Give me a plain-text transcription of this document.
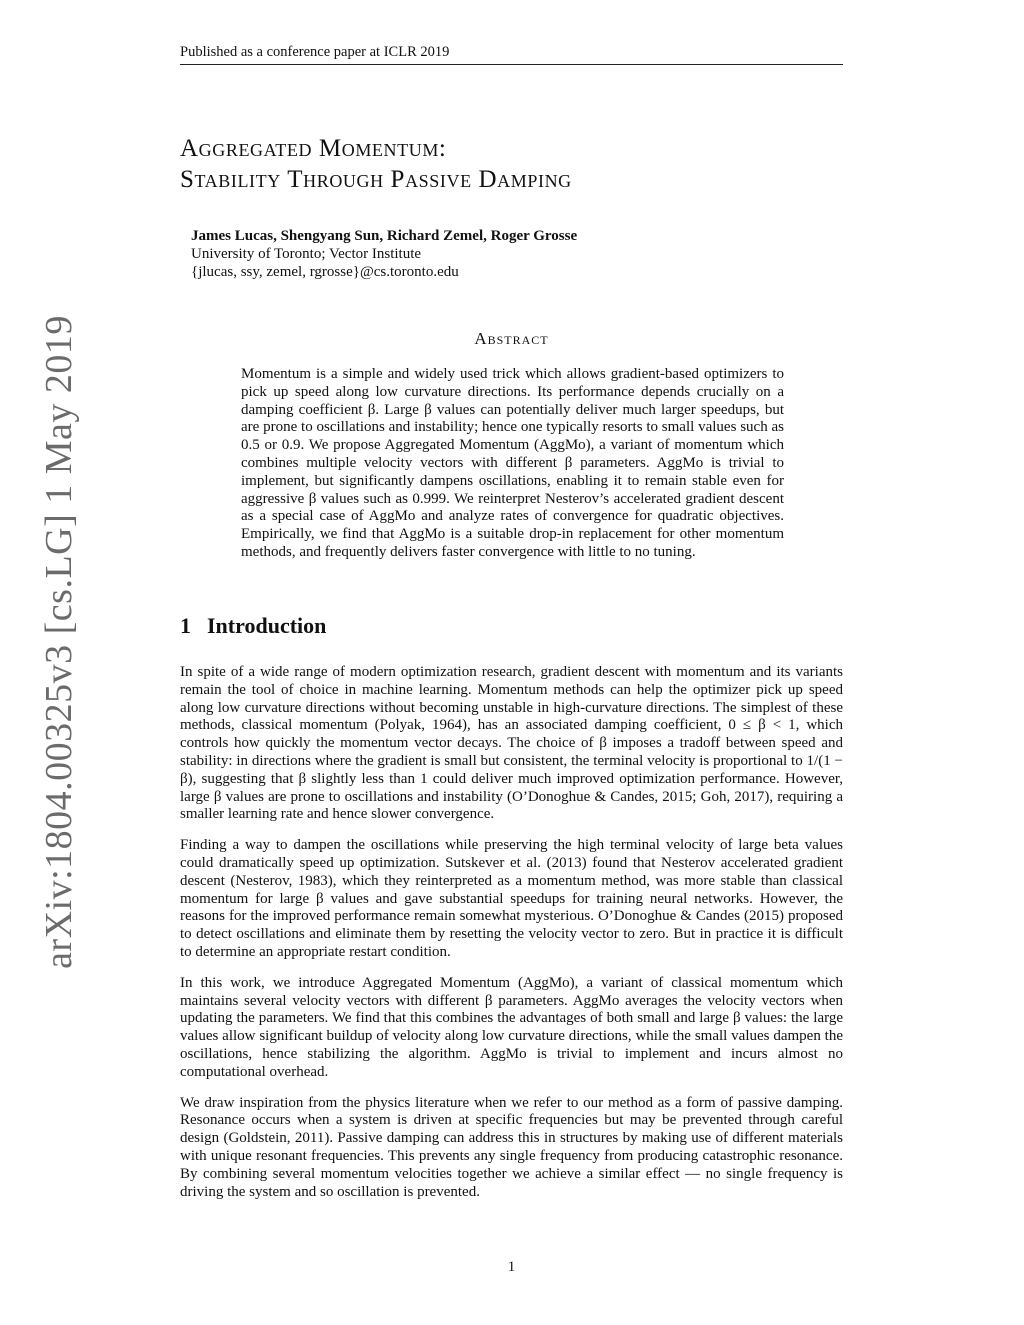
Published as a conference paper at ICLR 2019
arXiv:1804.00325v3 [cs.LG] 1 May 2019
Aggregated Momentum:
Stability Through Passive Damping
James Lucas, Shengyang Sun, Richard Zemel, Roger Grosse
University of Toronto; Vector Institute
{jlucas, ssy, zemel, rgrosse}@cs.toronto.edu
Abstract
Momentum is a simple and widely used trick which allows gradient-based optimizers to pick up speed along low curvature directions. Its performance depends crucially on a damping coefficient β. Large β values can potentially deliver much larger speedups, but are prone to oscillations and instability; hence one typically resorts to small values such as 0.5 or 0.9. We propose Aggregated Momentum (AggMo), a variant of momentum which combines multiple velocity vectors with different β parameters. AggMo is trivial to implement, but significantly dampens oscillations, enabling it to remain stable even for aggressive β values such as 0.999. We reinterpret Nesterov’s accelerated gradient descent as a special case of AggMo and analyze rates of convergence for quadratic objectives. Empirically, we find that AggMo is a suitable drop-in replacement for other momentum methods, and frequently delivers faster convergence with little to no tuning.
1 Introduction

In spite of a wide range of modern optimization research, gradient descent with momentum and its variants remain the tool of choice in machine learning. Momentum methods can help the optimizer pick up speed along low curvature directions without becoming unstable in high-curvature directions. The simplest of these methods, classical momentum (Polyak, 1964), has an associated damping coefficient, 0 ≤ β < 1, which controls how quickly the momentum vector decays. The choice of β imposes a tradoff between speed and stability: in directions where the gradient is small but consistent, the terminal velocity is proportional to 1/(1 − β), suggesting that β slightly less than 1 could deliver much improved optimization performance. However, large β values are prone to oscillations and instability (O’Donoghue & Candes, 2015; Goh, 2017), requiring a smaller learning rate and hence slower convergence.

Finding a way to dampen the oscillations while preserving the high terminal velocity of large beta values could dramatically speed up optimization. Sutskever et al. (2013) found that Nesterov accelerated gradient descent (Nesterov, 1983), which they reinterpreted as a momentum method, was more stable than classical momentum for large β values and gave substantial speedups for training neural networks. However, the reasons for the improved performance remain somewhat mysterious. O’Donoghue & Candes (2015) proposed to detect oscillations and eliminate them by resetting the velocity vector to zero. But in practice it is difficult to determine an appropriate restart condition.

In this work, we introduce Aggregated Momentum (AggMo), a variant of classical momentum which maintains several velocity vectors with different β parameters. AggMo averages the velocity vectors when updating the parameters. We find that this combines the advantages of both small and large β values: the large values allow significant buildup of velocity along low curvature directions, while the small values dampen the oscillations, hence stabilizing the algorithm. AggMo is trivial to implement and incurs almost no computational overhead.

We draw inspiration from the physics literature when we refer to our method as a form of passive damping. Resonance occurs when a system is driven at specific frequencies but may be prevented through careful design (Goldstein, 2011). Passive damping can address this in structures by making use of different materials with unique resonant frequencies. This prevents any single frequency from producing catastrophic resonance. By combining several momentum velocities together we achieve a similar effect — no single frequency is driving the system and so oscillation is prevented.

1
